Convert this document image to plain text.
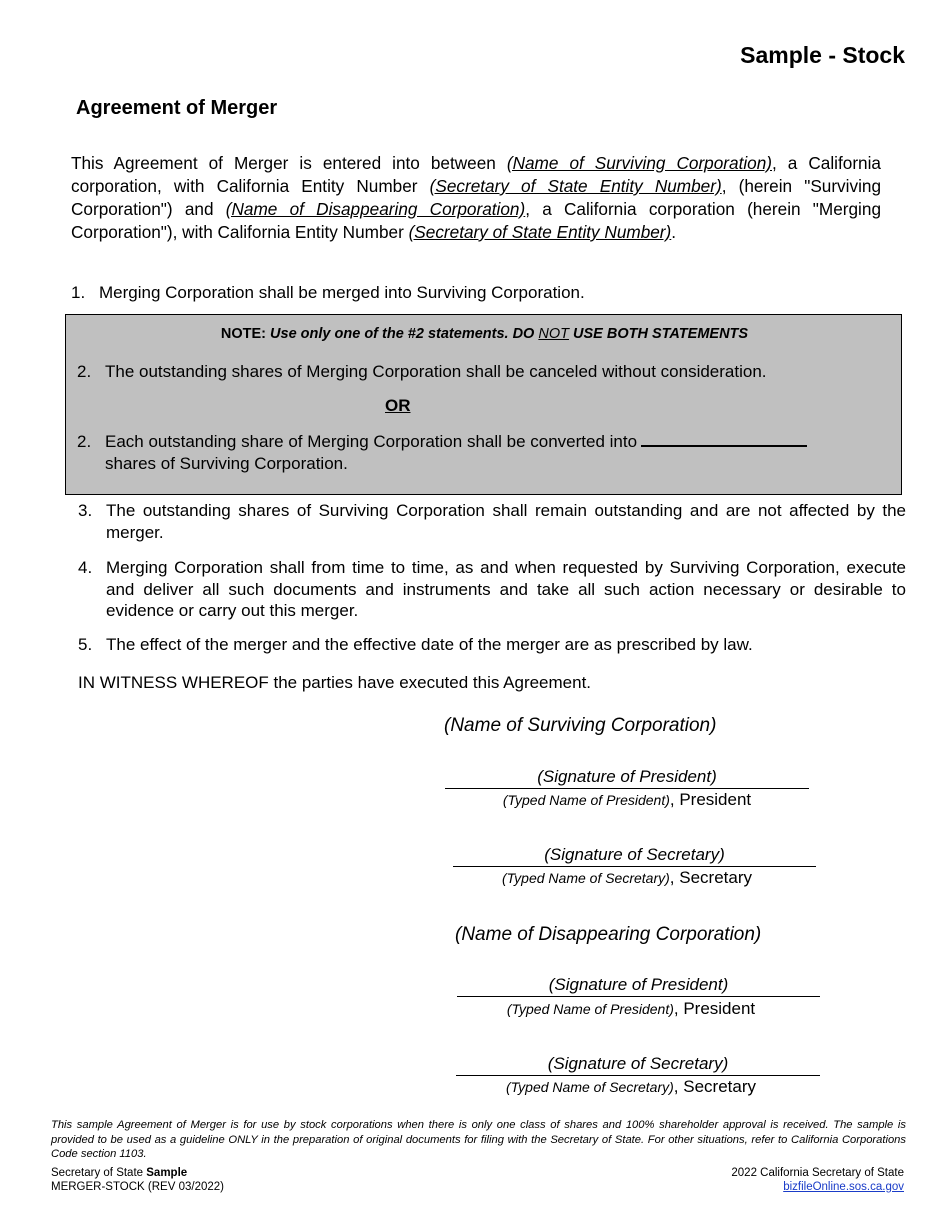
Sample - Stock
Agreement of Merger
This Agreement of Merger is entered into between (Name of Surviving Corporation), a California corporation, with California Entity Number (Secretary of State Entity Number), (herein "Surviving Corporation") and (Name of Disappearing Corporation), a California corporation (herein "Merging Corporation"), with California Entity Number (Secretary of State Entity Number).
1. Merging Corporation shall be merged into Surviving Corporation.
NOTE: Use only one of the #2 statements. DO NOT USE BOTH STATEMENTS
2. The outstanding shares of Merging Corporation shall be canceled without consideration.
OR
2. Each outstanding share of Merging Corporation shall be converted into
shares of Surviving Corporation.
3. The outstanding shares of Surviving Corporation shall remain outstanding and are not affected by the merger.
4. Merging Corporation shall from time to time, as and when requested by Surviving Corporation, execute and deliver all such documents and instruments and take all such action necessary or desirable to evidence or carry out this merger.
5. The effect of the merger and the effective date of the merger are as prescribed by law.
IN WITNESS WHEREOF the parties have executed this Agreement.
(Name of Surviving Corporation)
(Signature of President)
(Typed Name of President), President
(Signature of Secretary)
(Typed Name of Secretary), Secretary
(Name of Disappearing Corporation)
(Signature of President)
(Typed Name of President), President
(Signature of Secretary)
(Typed Name of Secretary), Secretary
This sample Agreement of Merger is for use by stock corporations when there is only one class of shares and 100% shareholder approval is received. The sample is provided to be used as a guideline ONLY in the preparation of original documents for filing with the Secretary of State. For other situations, refer to California Corporations Code section 1103.
Secretary of State Sample
MERGER-STOCK (REV 03/2022)
2022 California Secretary of State
bizfileOnline.sos.ca.gov
